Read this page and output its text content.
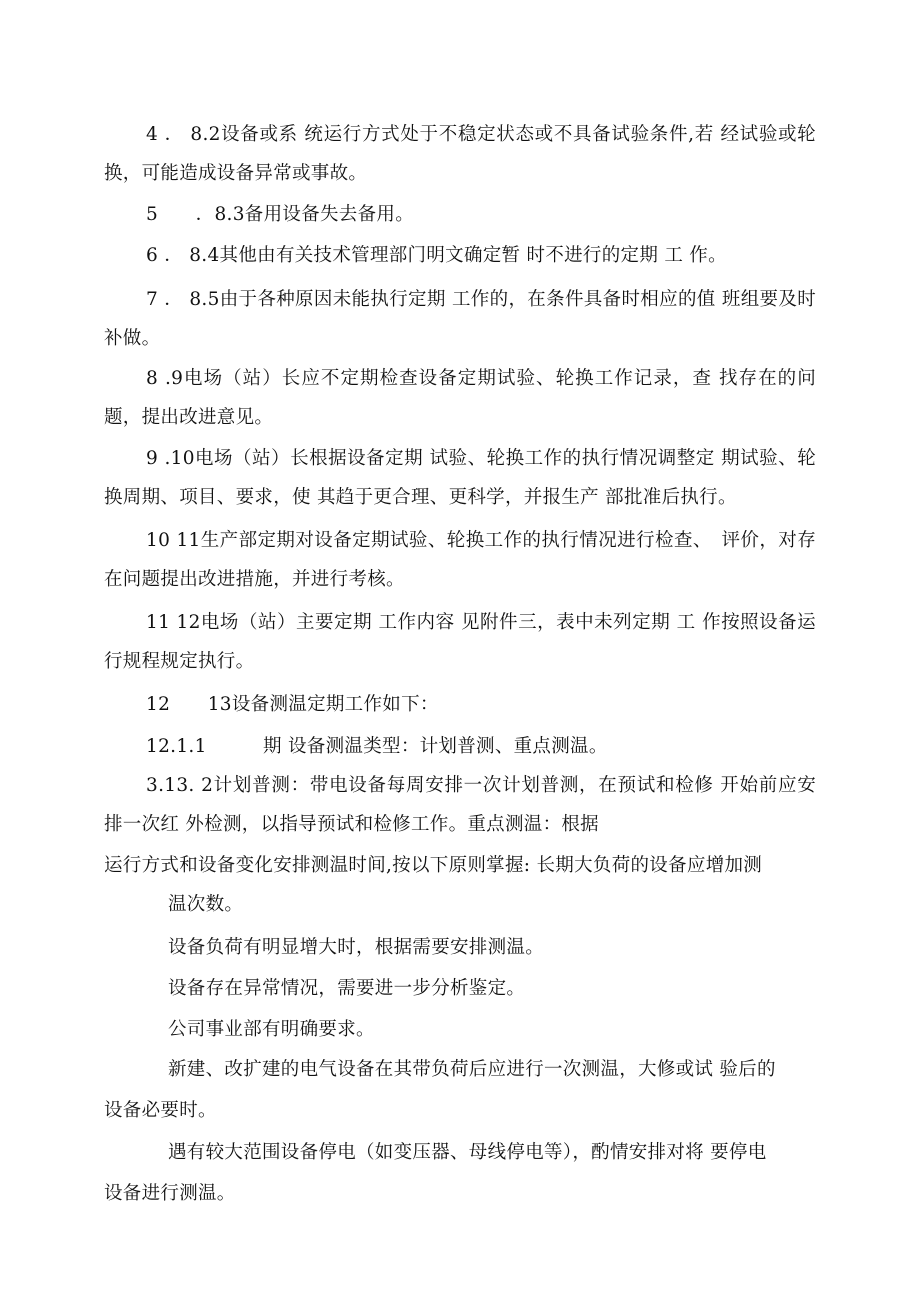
4 ． 8.2设备或系 统运行方式处于不稳定状态或不具备试验条件,若 经试验或轮换，可能造成设备异常或事故。

5　　．8.3备用设备失去备用。

6 ． 8.4其他由有关技术管理部门明文确定暂 时不进行的定期 工 作。

7 ． 8.5由于各种原因未能执行定期 工作的，在条件具备时相应的值 班组要及时补做。

8 .9电场（站）长应不定期检查设备定期试验、轮换工作记录，查 找存在的问题，提出改进意见。

9 .10电场（站）长根据设备定期 试验、轮换工作的执行情况调整定 期试验、轮换周期、项目、要求，使 其趋于更合理、更科学，并报生产 部批准后执行。

10 11生产部定期对设备定期试验、轮换工作的执行情况进行检查、　评价，对存在问题提出改进措施，并进行考核。

11 12电场（站）主要定期 工作内容 见附件三，表中未列定期 工 作按照设备运行规程规定执行。

12　　13设备测温定期工作如下：

12.1.1　　　期 设备测温类型：计划普测、重点测温。

3.13. 2计划普测：带电设备每周安排一次计划普测，在预试和检修 开始前应安排一次红 外检测，以指导预试和检修工作。重点测温：根据

运行方式和设备变化安排测温时间,按以下原则掌握: 长期大负荷的设备应增加测

温次数。

设备负荷有明显增大时，根据需要安排测温。

设备存在异常情况，需要进一步分析鉴定。

公司事业部有明确要求。

新建、改扩建的电气设备在其带负荷后应进行一次测温，大修或试 验后的

设备必要时。

遇有较大范围设备停电（如变压器、母线停电等），酌情安排对将 要停电

设备进行测温。
